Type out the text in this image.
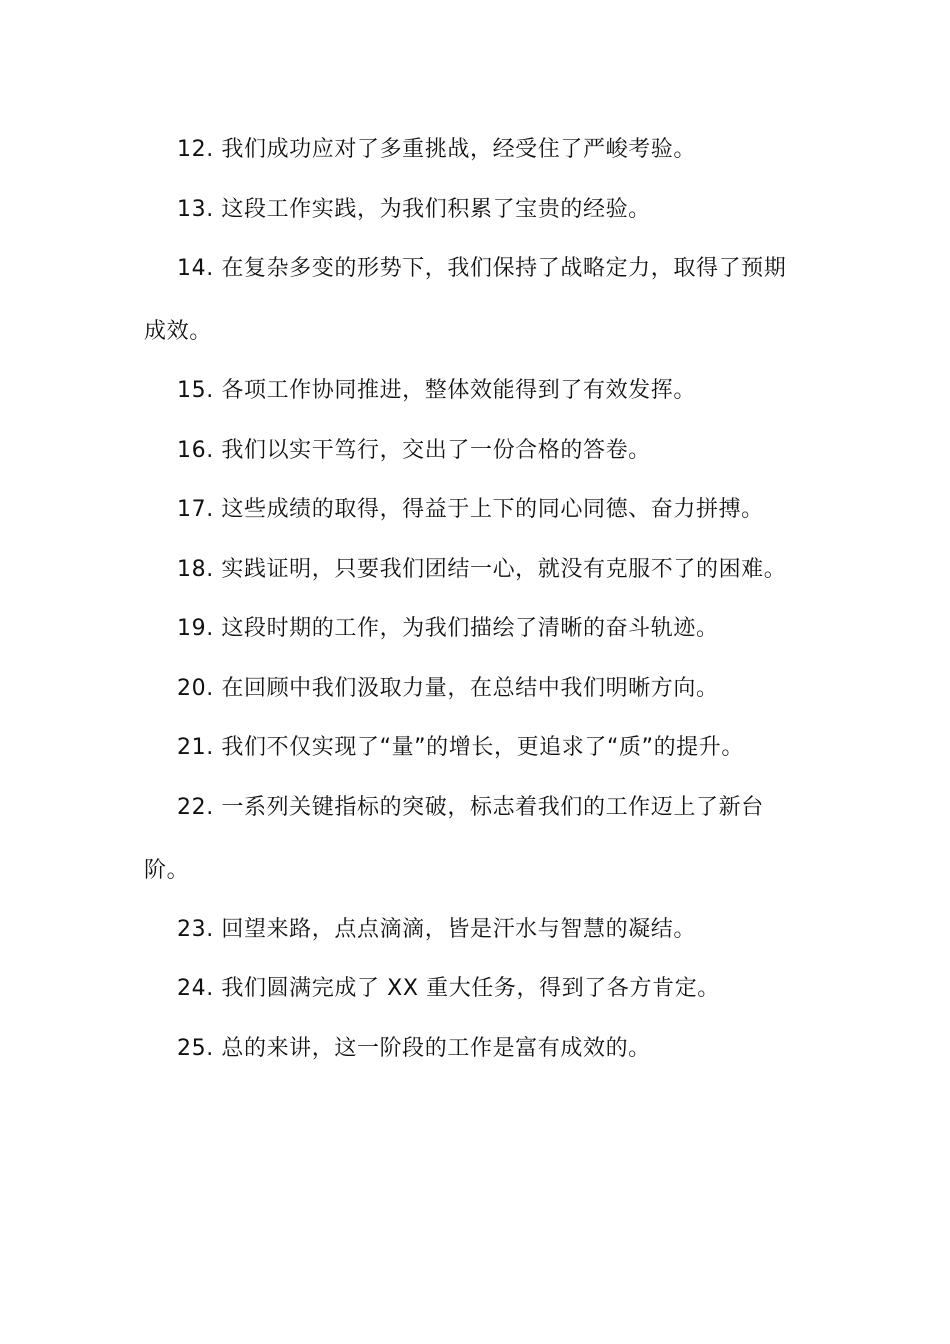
12. 我们成功应对了多重挑战，经受住了严峻考验。

13. 这段工作实践，为我们积累了宝贵的经验。

14. 在复杂多变的形势下，我们保持了战略定力，取得了预期成效。

15. 各项工作协同推进，整体效能得到了有效发挥。

16. 我们以实干笃行，交出了一份合格的答卷。

17. 这些成绩的取得，得益于上下的同心同德、奋力拼搏。

18. 实践证明，只要我们团结一心，就没有克服不了的困难。

19. 这段时期的工作，为我们描绘了清晰的奋斗轨迹。

20. 在回顾中我们汲取力量，在总结中我们明晰方向。

21. 我们不仅实现了“量”的增长，更追求了“质”的提升。

22. 一系列关键指标的突破，标志着我们的工作迈上了新台阶。

23. 回望来路，点点滴滴，皆是汗水与智慧的凝结。

24. 我们圆满完成了 XX 重大任务，得到了各方肯定。

25. 总的来讲，这一阶段的工作是富有成效的。
